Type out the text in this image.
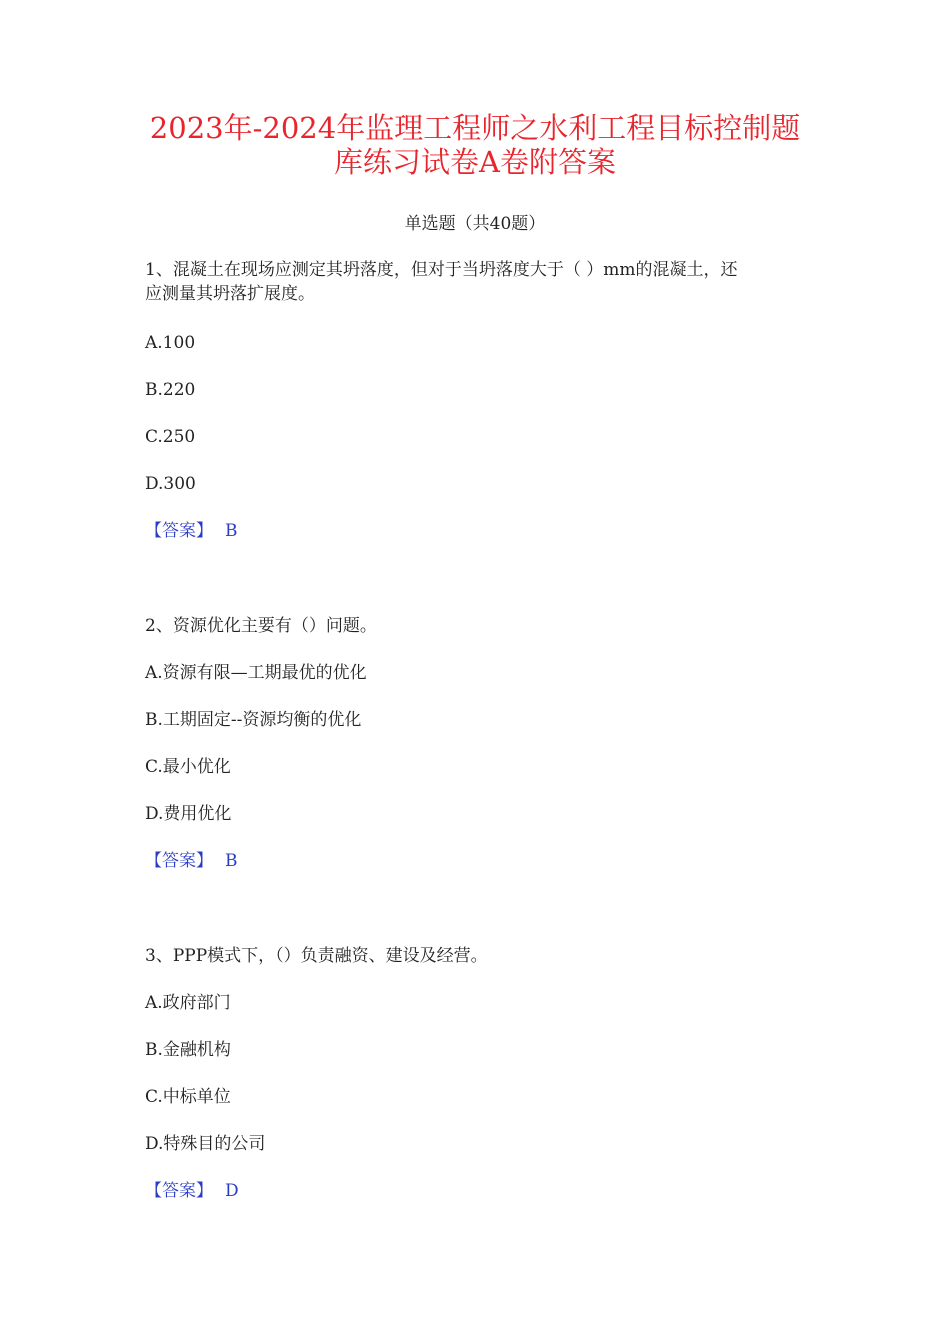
2023年-2024年监理工程师之水利工程目标控制题
库练习试卷A卷附答案
单选题（共40题）
1、混凝土在现场应测定其坍落度，但对于当坍落度大于（ ）mm的混凝土，还
应测量其坍落扩展度。
A.100
B.220
C.250
D.300
【答案】 B
2、资源优化主要有（）问题。
A.资源有限—工期最优的优化
B.工期固定--资源均衡的优化
C.最小优化
D.费用优化
【答案】 B
3、PPP模式下，（）负责融资、建设及经营。
A.政府部门
B.金融机构
C.中标单位
D.特殊目的公司
【答案】 D
